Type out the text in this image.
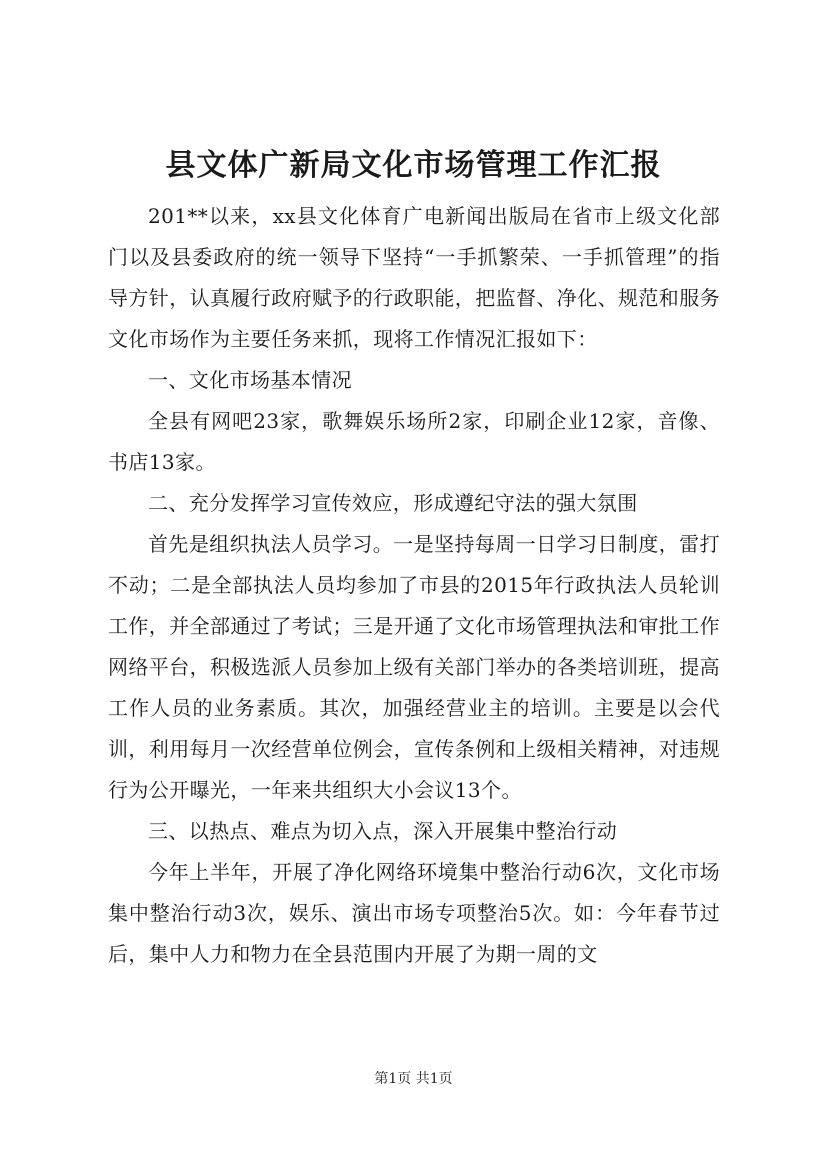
县文体广新局文化市场管理工作汇报

201**以来，xx县文化体育广电新闻出版局在省市上级文化部门以及县委政府的统一领导下坚持“一手抓繁荣、一手抓管理”的指导方针，认真履行政府赋予的行政职能，把监督、净化、规范和服务文化市场作为主要任务来抓，现将工作情况汇报如下：

一、文化市场基本情况

全县有网吧23家，歌舞娱乐场所2家，印刷企业12家，音像、书店13家。

二、充分发挥学习宣传效应，形成遵纪守法的强大氛围

首先是组织执法人员学习。一是坚持每周一日学习日制度，雷打不动；二是全部执法人员均参加了市县的2015年行政执法人员轮训工作，并全部通过了考试；三是开通了文化市场管理执法和审批工作网络平台，积极选派人员参加上级有关部门举办的各类培训班，提高工作人员的业务素质。其次，加强经营业主的培训。主要是以会代训，利用每月一次经营单位例会，宣传条例和上级相关精神，对违规行为公开曝光，一年来共组织大小会议13个。

三、以热点、难点为切入点，深入开展集中整治行动

今年上半年，开展了净化网络环境集中整治行动6次，文化市场集中整治行动3次，娱乐、演出市场专项整治5次。如：今年春节过后，集中人力和物力在全县范围内开展了为期一周的文

第1页 共1页
